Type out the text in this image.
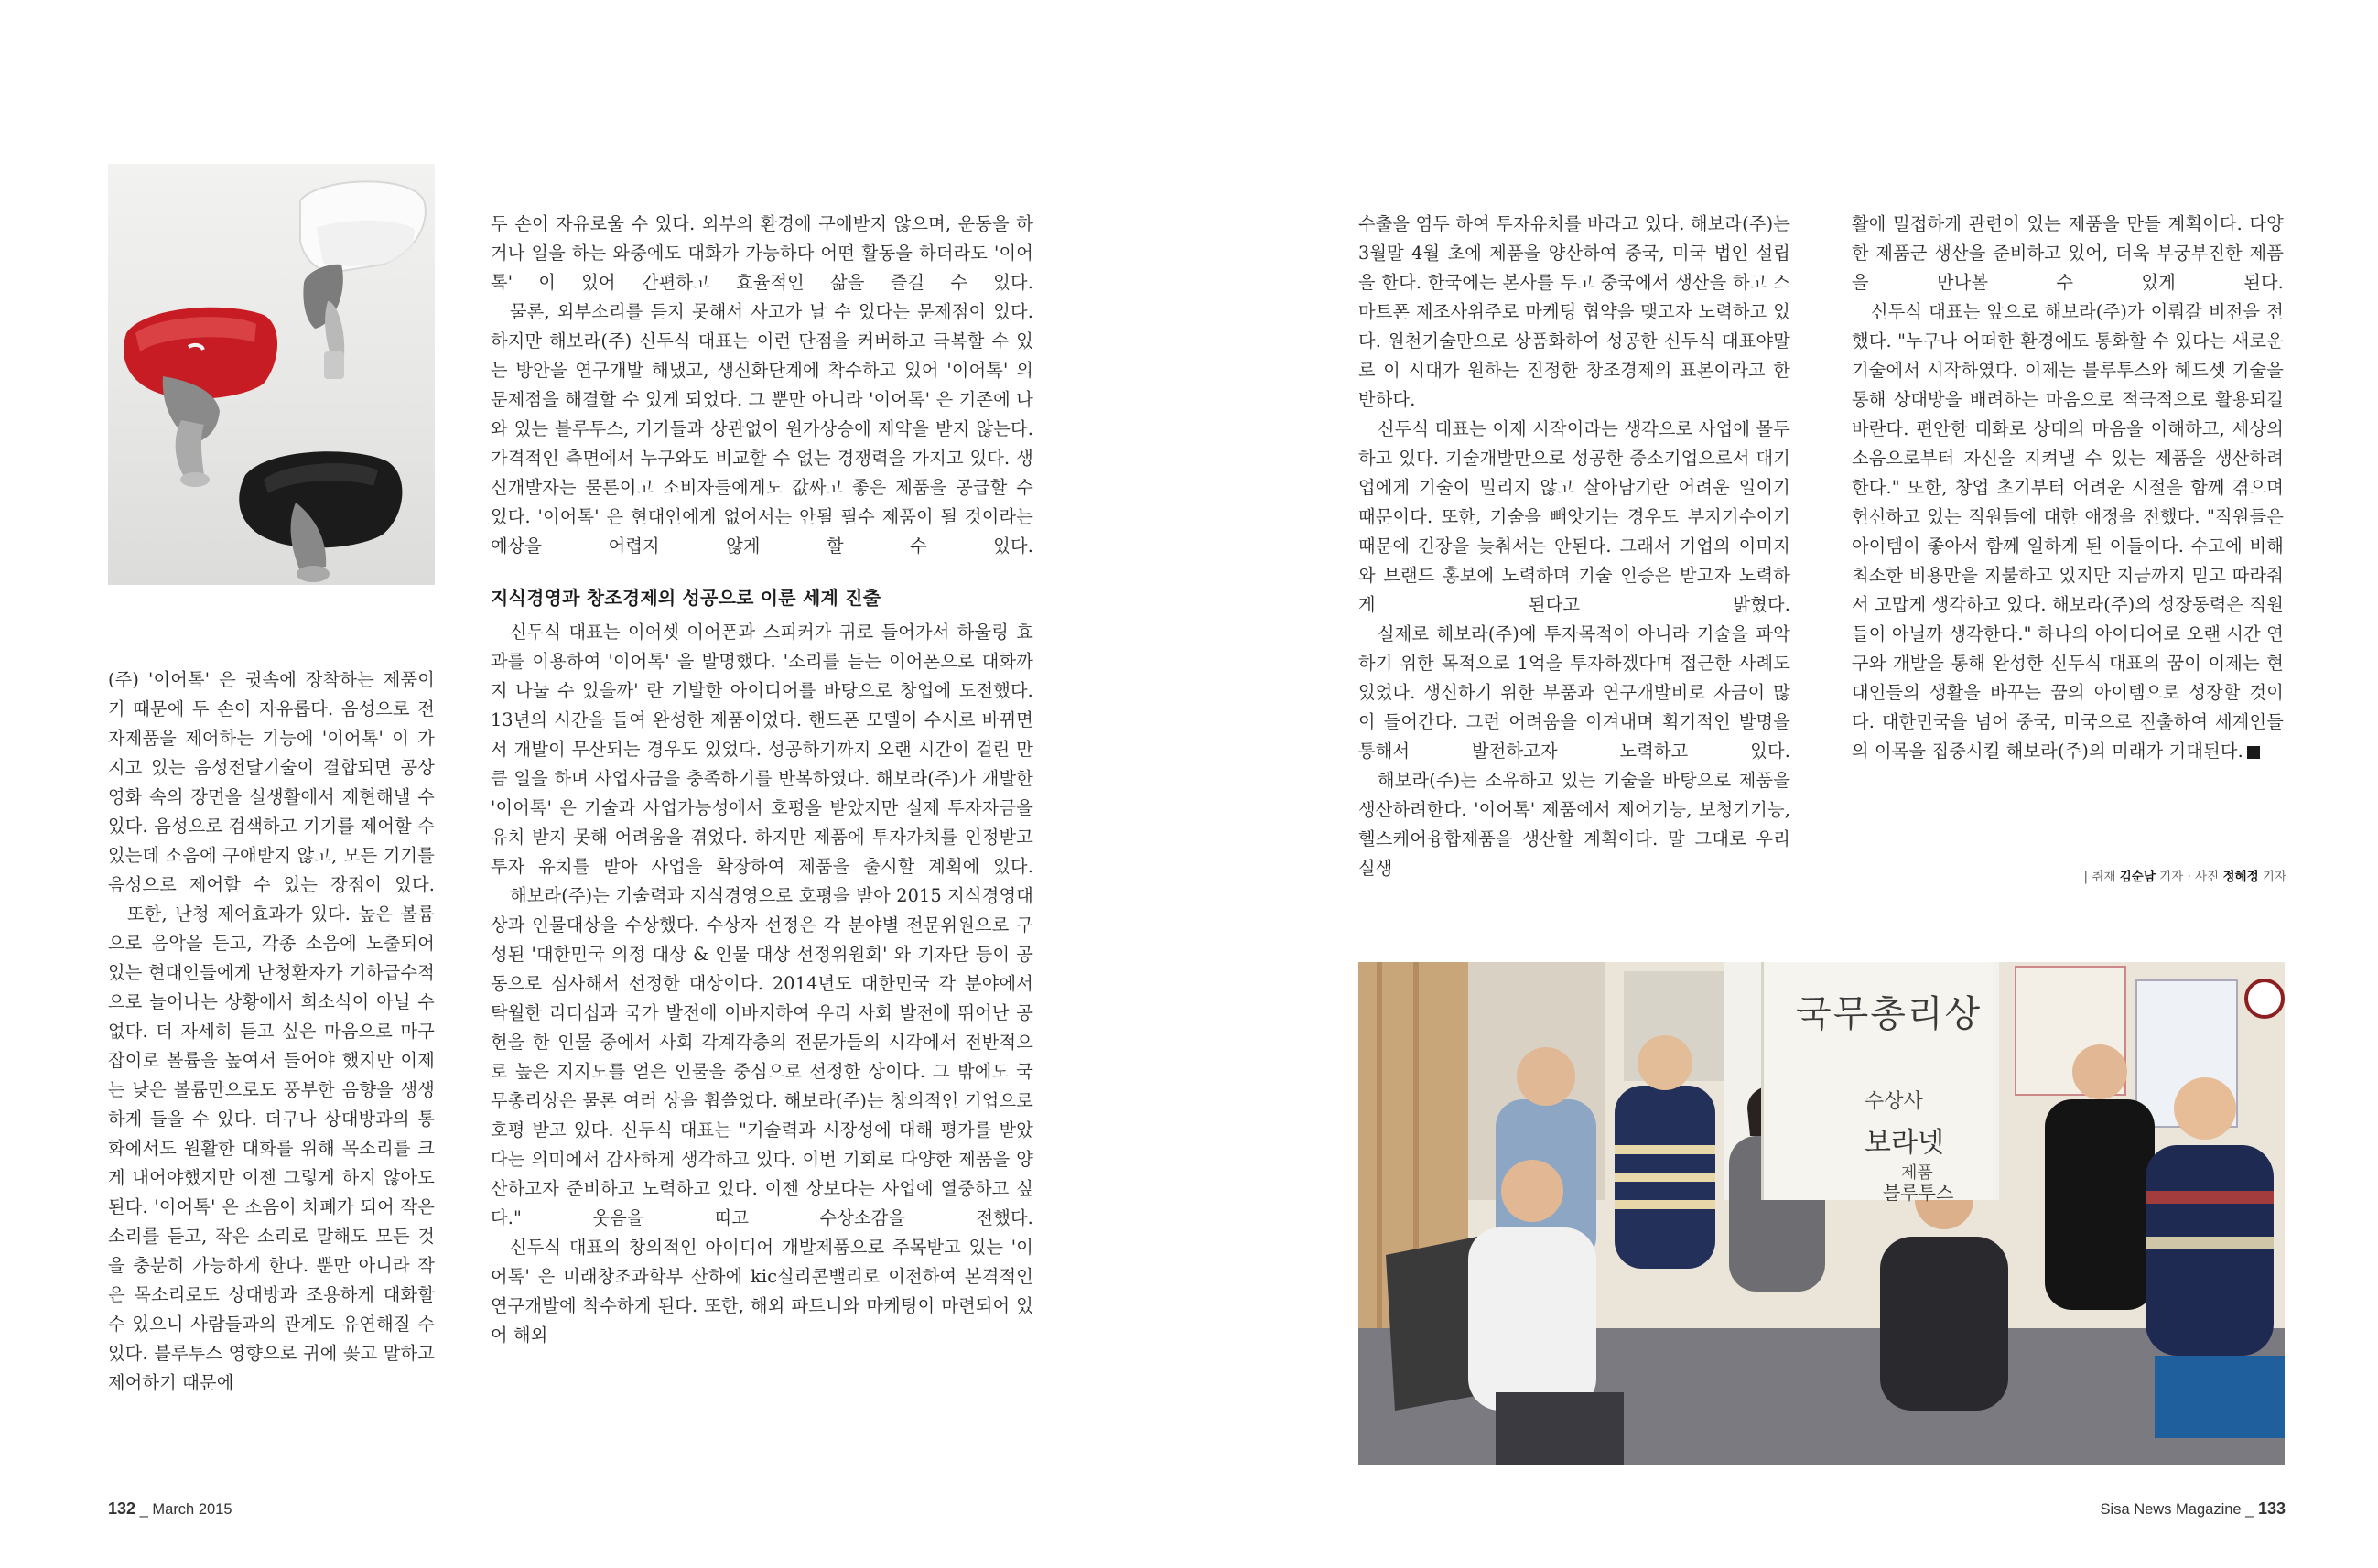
(주) '이어톡' 은 귓속에 장착하는 제품이기 때문에 두 손이 자유롭다. 음성으로 전자제품을 제어하는 기능에 '이어톡' 이 가지고 있는 음성전달기술이 결합되면 공상 영화 속의 장면을 실생활에서 재현해낼 수 있다. 음성으로 검색하고 기기를 제어할 수 있는데 소음에 구애받지 않고, 모든 기기를 음성으로 제어할 수 있는 장점이 있다.

또한, 난청 제어효과가 있다. 높은 볼륨으로 음악을 듣고, 각종 소음에 노출되어 있는 현대인들에게 난청환자가 기하급수적으로 늘어나는 상황에서 희소식이 아닐 수 없다. 더 자세히 듣고 싶은 마음으로 마구잡이로 볼륨을 높여서 들어야 했지만 이제는 낮은 볼륨만으로도 풍부한 음향을 생생하게 들을 수 있다. 더구나 상대방과의 통화에서도 원활한 대화를 위해 목소리를 크게 내어야했지만 이젠 그렇게 하지 않아도 된다. '이어톡' 은 소음이 차폐가 되어 작은 소리를 듣고, 작은 소리로 말해도 모든 것을 충분히 가능하게 한다. 뿐만 아니라 작은 목소리로도 상대방과 조용하게 대화할 수 있으니 사람들과의 관계도 유연해질 수 있다. 블루투스 영향으로 귀에 꽂고 말하고 제어하기 때문에

두 손이 자유로울 수 있다. 외부의 환경에 구애받지 않으며, 운동을 하거나 일을 하는 와중에도 대화가 가능하다 어떤 활동을 하더라도 '이어톡' 이 있어 간편하고 효율적인 삶을 즐길 수 있다.

물론, 외부소리를 듣지 못해서 사고가 날 수 있다는 문제점이 있다. 하지만 해보라(주) 신두식 대표는 이런 단점을 커버하고 극복할 수 있는 방안을 연구개발 해냈고, 생신화단계에 착수하고 있어 '이어톡' 의 문제점을 해결할 수 있게 되었다. 그 뿐만 아니라 '이어톡' 은 기존에 나와 있는 블루투스, 기기들과 상관없이 원가상승에 제약을 받지 않는다. 가격적인 측면에서 누구와도 비교할 수 없는 경쟁력을 가지고 있다. 생신개발자는 물론이고 소비자들에게도 값싸고 좋은 제품을 공급할 수 있다. '이어톡' 은 현대인에게 없어서는 안될 필수 제품이 될 것이라는 예상을 어렵지 않게 할 수 있다.

지식경영과 창조경제의 성공으로 이룬 세계 진출

신두식 대표는 이어셋 이어폰과 스피커가 귀로 들어가서 하울링 효과를 이용하여 '이어톡' 을 발명했다. '소리를 듣는 이어폰으로 대화까지 나눌 수 있을까' 란 기발한 아이디어를 바탕으로 창업에 도전했다. 13년의 시간을 들여 완성한 제품이었다. 핸드폰 모델이 수시로 바뀌면서 개발이 무산되는 경우도 있었다. 성공하기까지 오랜 시간이 걸린 만큼 일을 하며 사업자금을 충족하기를 반복하였다. 해보라(주)가 개발한 '이어톡' 은 기술과 사업가능성에서 호평을 받았지만 실제 투자자금을 유치 받지 못해 어려움을 겪었다. 하지만 제품에 투자가치를 인정받고 투자 유치를 받아 사업을 확장하여 제품을 출시할 계획에 있다.

해보라(주)는 기술력과 지식경영으로 호평을 받아 2015 지식경영대상과 인물대상을 수상했다. 수상자 선정은 각 분야별 전문위원으로 구성된 '대한민국 의정 대상 & 인물 대상 선정위원회' 와 기자단 등이 공동으로 심사해서 선정한 대상이다. 2014년도 대한민국 각 분야에서 탁월한 리더십과 국가 발전에 이바지하여 우리 사회 발전에 뛰어난 공헌을 한 인물 중에서 사회 각계각층의 전문가들의 시각에서 전반적으로 높은 지지도를 얻은 인물을 중심으로 선정한 상이다. 그 밖에도 국무총리상은 물론 여러 상을 휩쓸었다. 해보라(주)는 창의적인 기업으로 호평 받고 있다. 신두식 대표는 "기술력과 시장성에 대해 평가를 받았다는 의미에서 감사하게 생각하고 있다. 이번 기회로 다양한 제품을 양산하고자 준비하고 노력하고 있다. 이젠 상보다는 사업에 열중하고 싶다." 웃음을 띠고 수상소감을 전했다.

신두식 대표의 창의적인 아이디어 개발제품으로 주목받고 있는 '이어톡' 은 미래창조과학부 산하에 kic실리콘밸리로 이전하여 본격적인 연구개발에 착수하게 된다. 또한, 해외 파트너와 마케팅이 마련되어 있어 해외

수출을 염두 하여 투자유치를 바라고 있다. 해보라(주)는 3월말 4월 초에 제품을 양산하여 중국, 미국 법인 설립을 한다. 한국에는 본사를 두고 중국에서 생산을 하고 스마트폰 제조사위주로 마케팅 협약을 맺고자 노력하고 있다. 원천기술만으로 상품화하여 성공한 신두식 대표야말로 이 시대가 원하는 진정한 창조경제의 표본이라고 한반하다.

신두식 대표는 이제 시작이라는 생각으로 사업에 몰두하고 있다. 기술개발만으로 성공한 중소기업으로서 대기업에게 기술이 밀리지 않고 살아남기란 어려운 일이기 때문이다. 또한, 기술을 빼앗기는 경우도 부지기수이기 때문에 긴장을 늦춰서는 안된다. 그래서 기업의 이미지와 브랜드 홍보에 노력하며 기술 인증은 받고자 노력하게 된다고 밝혔다.

실제로 해보라(주)에 투자목적이 아니라 기술을 파악하기 위한 목적으로 1억을 투자하겠다며 접근한 사례도 있었다. 생신하기 위한 부품과 연구개발비로 자금이 많이 들어간다. 그런 어려움을 이겨내며 획기적인 발명을 통해서 발전하고자 노력하고 있다.

해보라(주)는 소유하고 있는 기술을 바탕으로 제품을 생산하려한다. '이어톡' 제품에서 제어기능, 보청기기능, 헬스케어융합제품을 생산할 계획이다. 말 그대로 우리 실생

활에 밀접하게 관련이 있는 제품을 만들 계획이다. 다양한 제품군 생산을 준비하고 있어, 더욱 부궁부진한 제품을 만나볼 수 있게 된다.

신두식 대표는 앞으로 해보라(주)가 이뤄갈 비전을 전했다. "누구나 어떠한 환경에도 통화할 수 있다는 새로운 기술에서 시작하였다. 이제는 블루투스와 헤드셋 기술을 통해 상대방을 배려하는 마음으로 적극적으로 활용되길 바란다. 편안한 대화로 상대의 마음을 이해하고, 세상의 소음으로부터 자신을 지켜낼 수 있는 제품을 생산하려 한다." 또한, 창업 초기부터 어려운 시절을 함께 겪으며 헌신하고 있는 직원들에 대한 애정을 전했다. "직원들은 아이템이 좋아서 함께 일하게 된 이들이다. 수고에 비해 최소한 비용만을 지불하고 있지만 지금까지 믿고 따라줘서 고맙게 생각하고 있다. 해보라(주)의 성장동력은 직원들이 아닐까 생각한다." 하나의 아이디어로 오랜 시간 연구와 개발을 통해 완성한 신두식 대표의 꿈이 이제는 현대인들의 생활을 바꾸는 꿈의 아이템으로 성장할 것이다. 대한민국을 넘어 중국, 미국으로 진출하여 세계인들의 이목을 집중시킬 해보라(주)의 미래가 기대된다.

| 취재 김순남 기자 · 사진 정혜정 기자
국무총리상
수상사
보라넷
제품
블루투스
132 _ March 2015	Sisa News Magazine _ 133
